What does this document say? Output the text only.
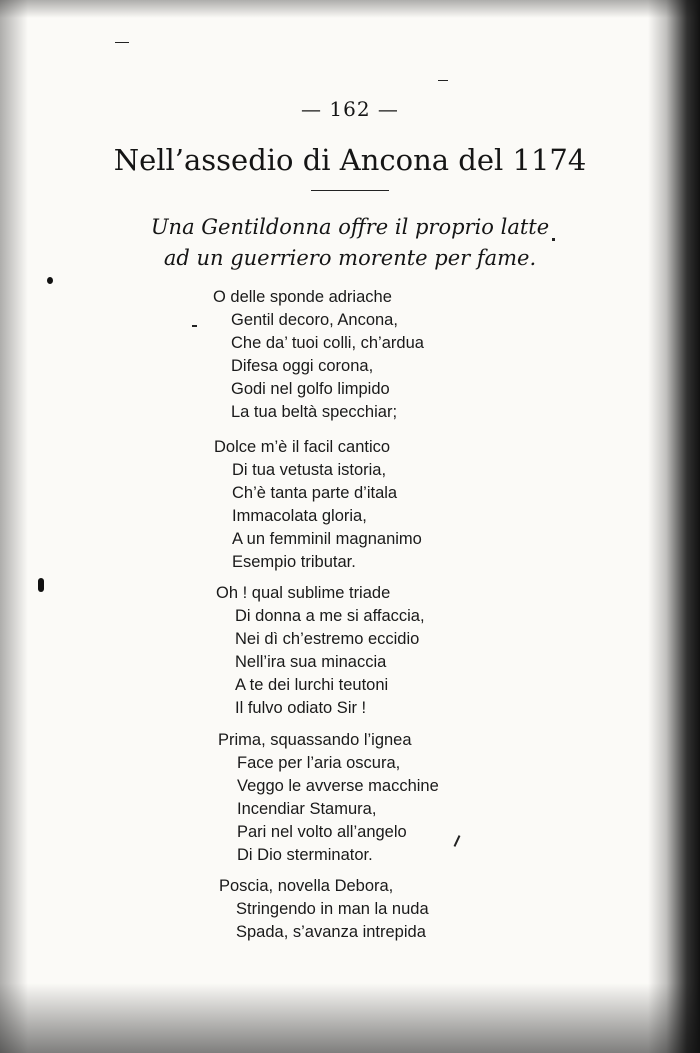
— 162 —
Nell’assedio di Ancona del 1174
Una Gentildonna offre il proprio latte
ad un guerriero morente per fame.
O delle sponde adriache
Gentil decoro, Ancona,
Che da’ tuoi colli, ch’ardua
Difesa oggi corona,
Godi nel golfo limpido
La tua beltà specchiar;
Dolce m’è il facil cantico
Di tua vetusta istoria,
Ch’è tanta parte d’itala
Immacolata gloria,
A un femminil magnanimo
Esempio tributar.
Oh ! qual sublime triade
Di donna a me si affaccia,
Nei dì ch’estremo eccidio
Nell’ira sua minaccia
A te dei lurchi teutoni
Il fulvo odiato Sir !
Prima, squassando l’ignea
Face per l’aria oscura,
Veggo le avverse macchine
Incendiar Stamura,
Pari nel volto all’angelo
Di Dio sterminator.
Poscia, novella Debora,
Stringendo in man la nuda
Spada, s’avanza intrepida
